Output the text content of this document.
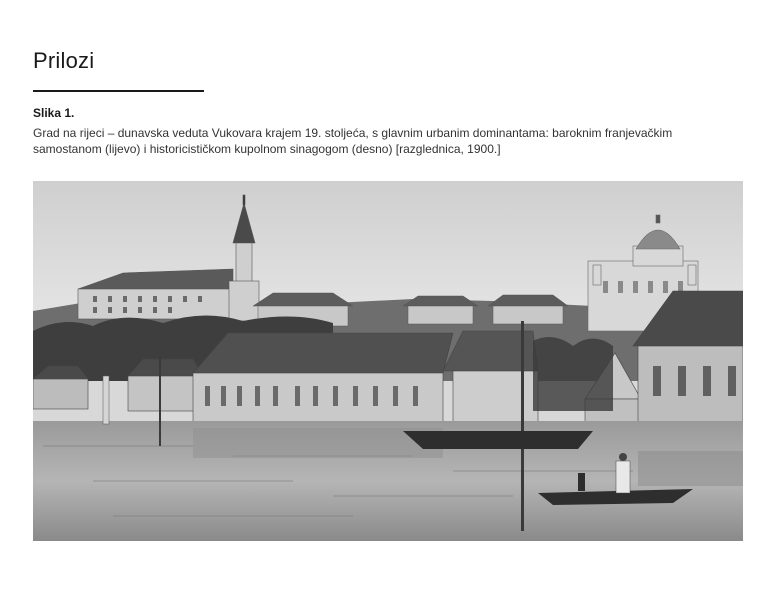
Prilozi
Slika 1.
Grad na rijeci – dunavska veduta Vukovara krajem 19. stoljeća, s glavnim urbanim dominantama: baroknim franjevačkim samostanom (lijevo) i historicističkom kupolnom sinagogom (desno) [razglednica, 1900.]
